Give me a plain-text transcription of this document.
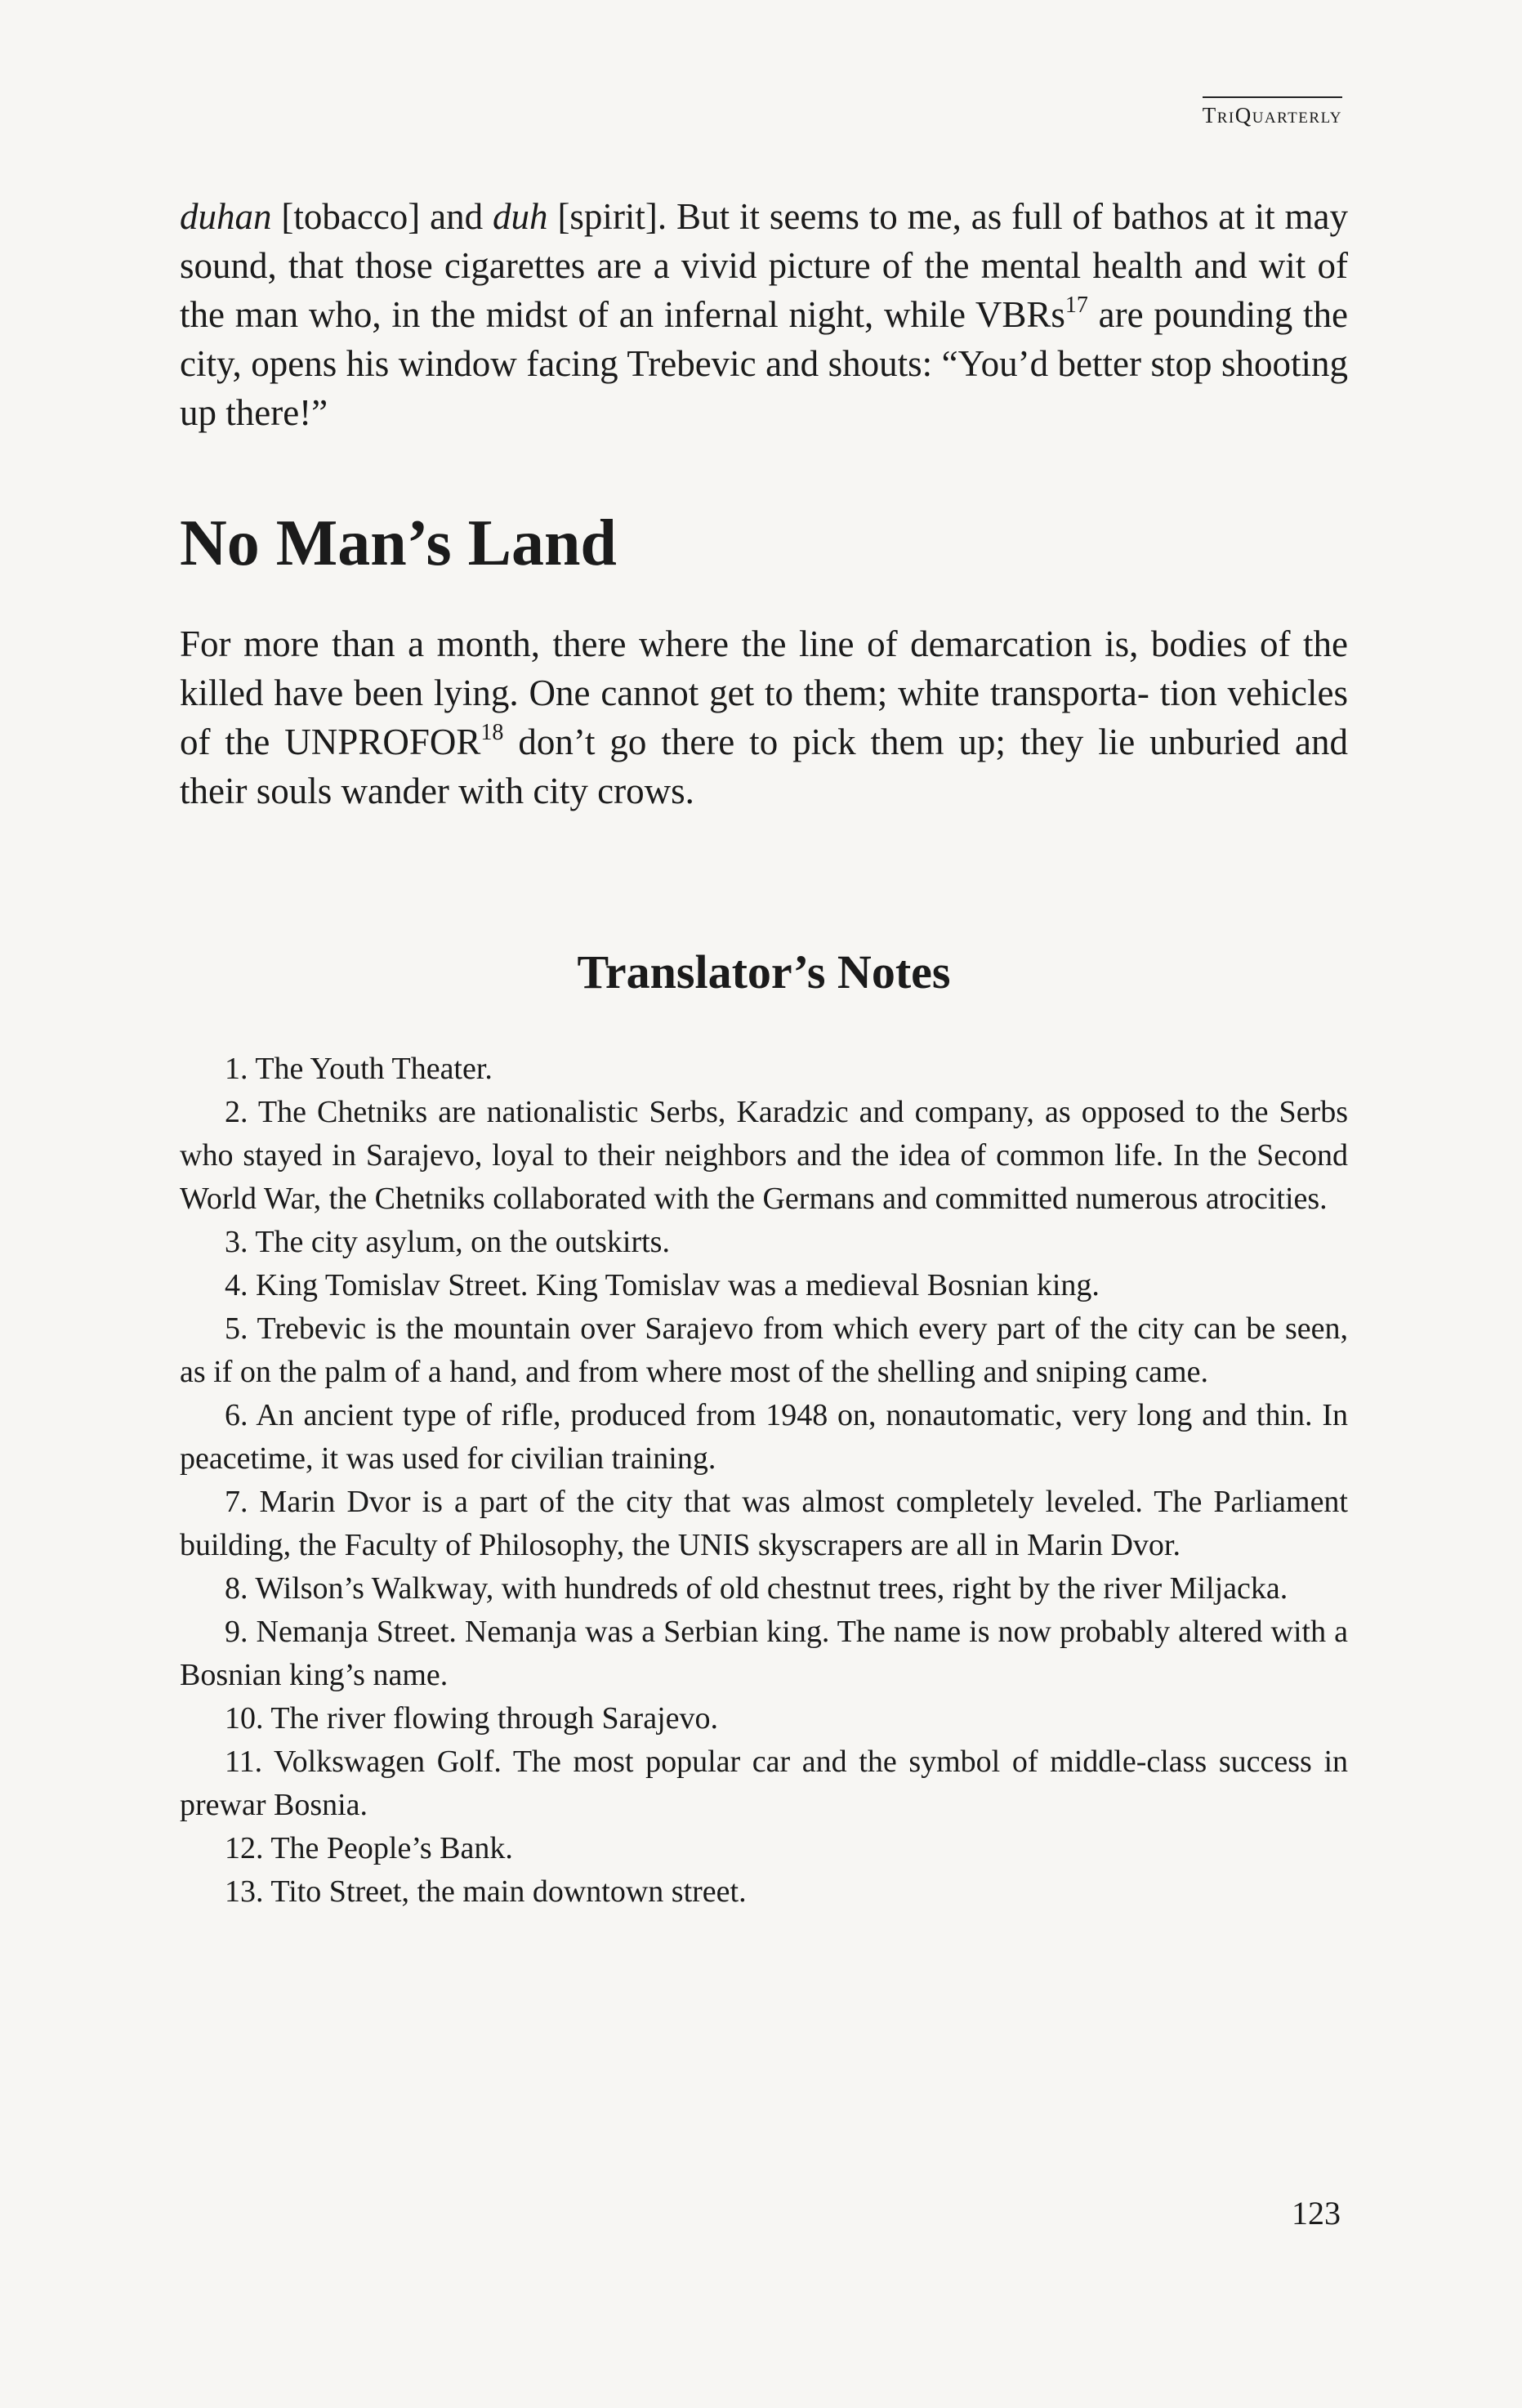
TriQuarterly

duhan [tobacco] and duh [spirit]. But it seems to me, as full of bathos at it may sound, that those cigarettes are a vivid picture of the mental health and wit of the man who, in the midst of an infernal night, while VBRs$^{17}$ are pounding the city, opens his window facing Trebevic and shouts: “You’d better stop shooting up there!”

No Man’s Land

For more than a month, there where the line of demarcation is, bodies of the killed have been lying. One cannot get to them; white transporta- tion vehicles of the UNPROFOR$^{18}$ don’t go there to pick them up; they lie unburied and their souls wander with city crows.

Translator’s Notes

1. The Youth Theater.

2. The Chetniks are nationalistic Serbs, Karadzic and company, as opposed to the Serbs who stayed in Sarajevo, loyal to their neighbors and the idea of common life. In the Second World War, the Chetniks collaborated with the Germans and committed numerous atrocities.

3. The city asylum, on the outskirts.

4. King Tomislav Street. King Tomislav was a medieval Bosnian king.

5. Trebevic is the mountain over Sarajevo from which every part of the city can be seen, as if on the palm of a hand, and from where most of the shelling and sniping came.

6. An ancient type of rifle, produced from 1948 on, nonautomatic, very long and thin. In peacetime, it was used for civilian training.

7. Marin Dvor is a part of the city that was almost completely leveled. The Parliament building, the Faculty of Philosophy, the UNIS skyscrapers are all in Marin Dvor.

8. Wilson’s Walkway, with hundreds of old chestnut trees, right by the river Miljacka.

9. Nemanja Street. Nemanja was a Serbian king. The name is now probably altered with a Bosnian king’s name.

10. The river flowing through Sarajevo.

11. Volkswagen Golf. The most popular car and the symbol of middle-class success in prewar Bosnia.

12. The People’s Bank.

13. Tito Street, the main downtown street.

123
